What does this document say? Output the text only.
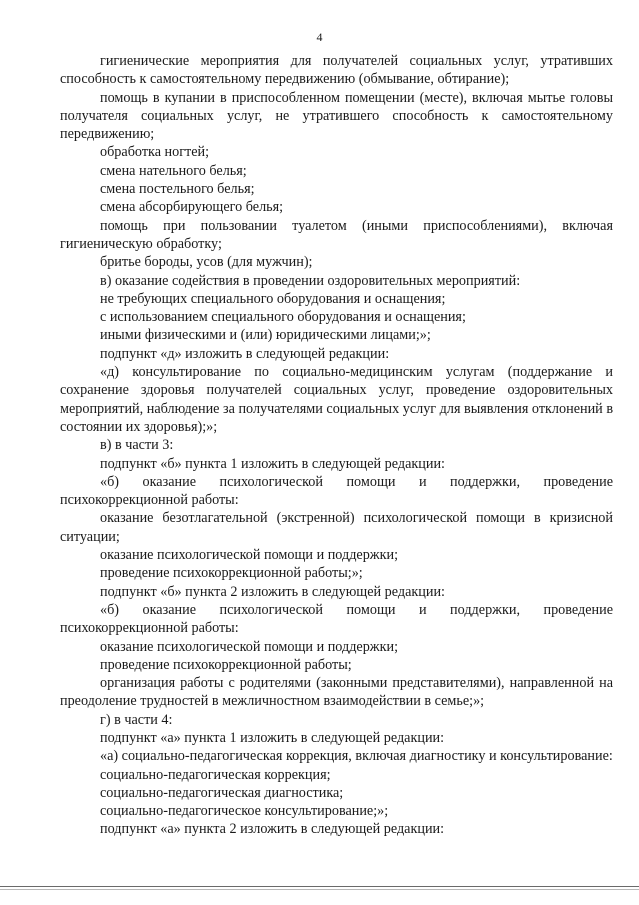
4

гигиенические мероприятия для получателей социальных услуг, утративших способность к самостоятельному передвижению (обмывание, обтирание);

помощь в купании в приспособленном помещении (месте), включая мытье головы получателя социальных услуг, не утратившего способность к самостоятельному передвижению;

обработка ногтей;

смена нательного белья;

смена постельного белья;

смена абсорбирующего белья;

помощь при пользовании туалетом (иными приспособлениями), включая гигиеническую обработку;

бритье бороды, усов (для мужчин);

в) оказание содействия в проведении оздоровительных мероприятий:

не требующих специального оборудования и оснащения;

с использованием специального оборудования и оснащения;

иными физическими и (или) юридическими лицами;»;

подпункт «д» изложить в следующей редакции:

«д) консультирование по социально-медицинским услугам (поддержание и сохранение здоровья получателей социальных услуг, проведение оздоровительных мероприятий, наблюдение за получателями социальных услуг для выявления отклонений в состоянии их здоровья);»;

в) в части 3:

подпункт «б» пункта 1 изложить в следующей редакции:

«б) оказание психологической помощи и поддержки, проведение психокоррекционной работы:

оказание безотлагательной (экстренной) психологической помощи в кризисной ситуации;

оказание психологической помощи и поддержки;

проведение психокоррекционной работы;»;

подпункт «б» пункта 2 изложить в следующей редакции:

«б) оказание психологической помощи и поддержки, проведение психокоррекционной работы:

оказание психологической помощи и поддержки;

проведение психокоррекционной работы;

организация работы с родителями (законными представителями), направленной на преодоление трудностей в межличностном взаимодействии в семье;»;

г) в части 4:

подпункт «а» пункта 1 изложить в следующей редакции:

«а) социально-педагогическая коррекция, включая диагностику и консультирование:

социально-педагогическая коррекция;

социально-педагогическая диагностика;

социально-педагогическое консультирование;»;

подпункт «а» пункта 2 изложить в следующей редакции:
